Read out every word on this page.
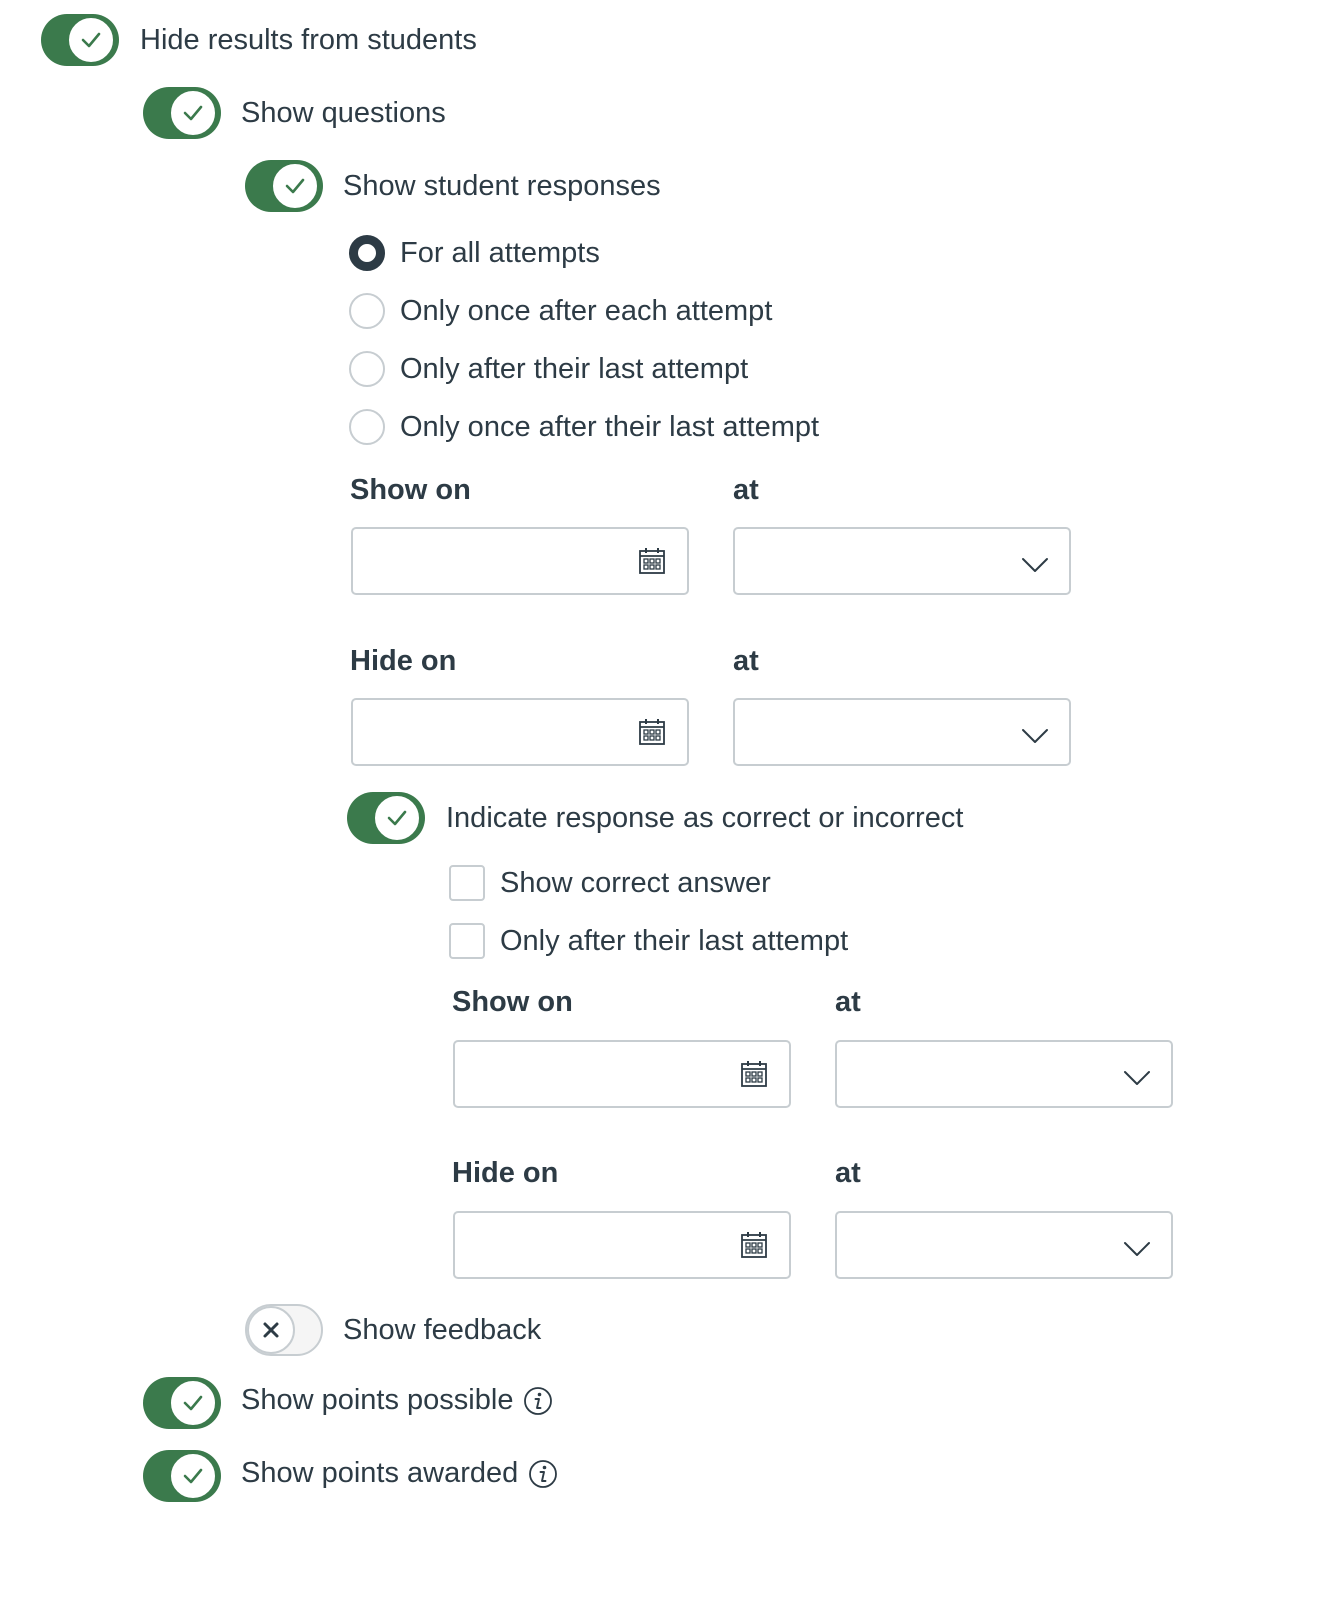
Hide results from students
Show questions
Show student responses
For all attempts
Only once after each attempt
Only after their last attempt
Only once after their last attempt
Show on	at
Hide on	at
Indicate response as correct or incorrect
Show correct answer
Only after their last attempt
Show on	at
Hide on	at
Show feedback
Show points possible
Show points awarded
